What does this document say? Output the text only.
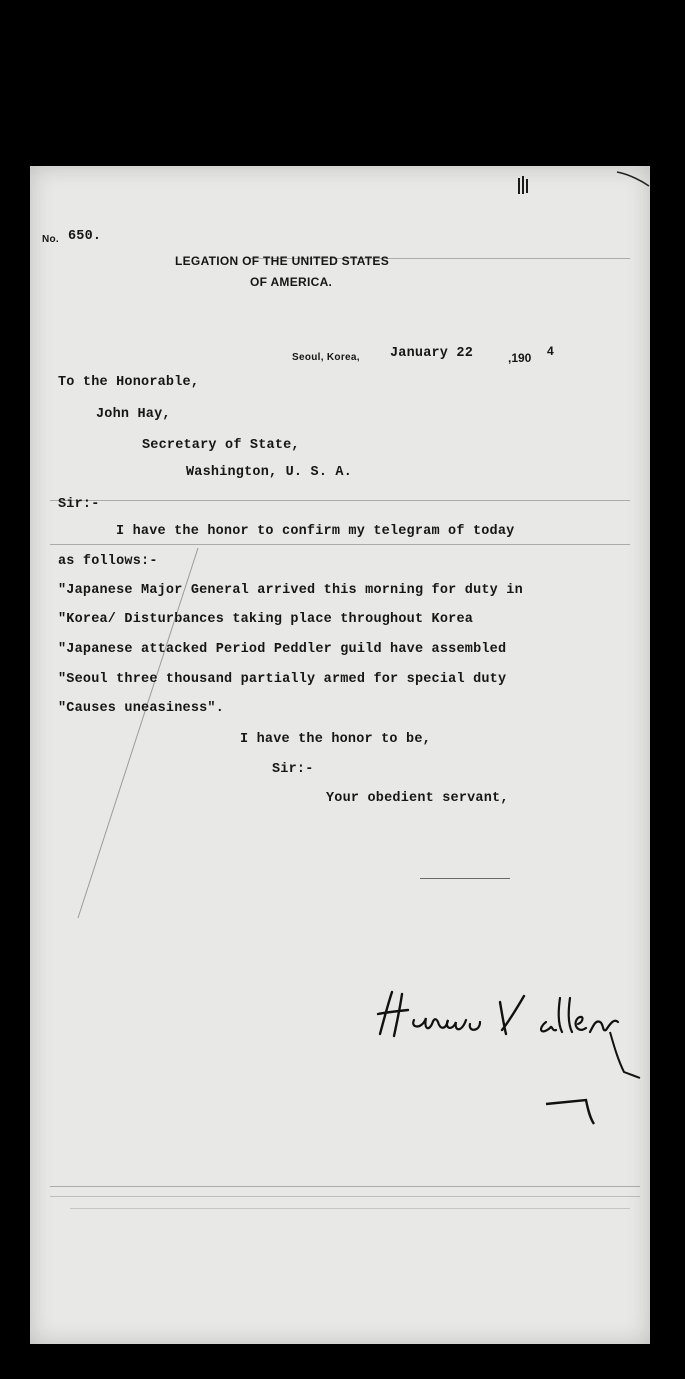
No. 650.
LEGATION OF THE UNITED STATES
OF AMERICA.
Seoul, Korea, January 22	,190 4
To the Honorable,
John Hay,
Secretary of State,
Washington, U. S. A.
Sir:-
I have the honor to confirm my telegram of today
as follows:-
"Japanese Major General arrived this morning for duty in
"Korea/ Disturbances taking place throughout Korea
"Japanese attacked Period Peddler guild have assembled
"Seoul three thousand partially armed for special duty
"Causes uneasiness".
I have the honor to be,
Sir:-
Your obedient servant,
